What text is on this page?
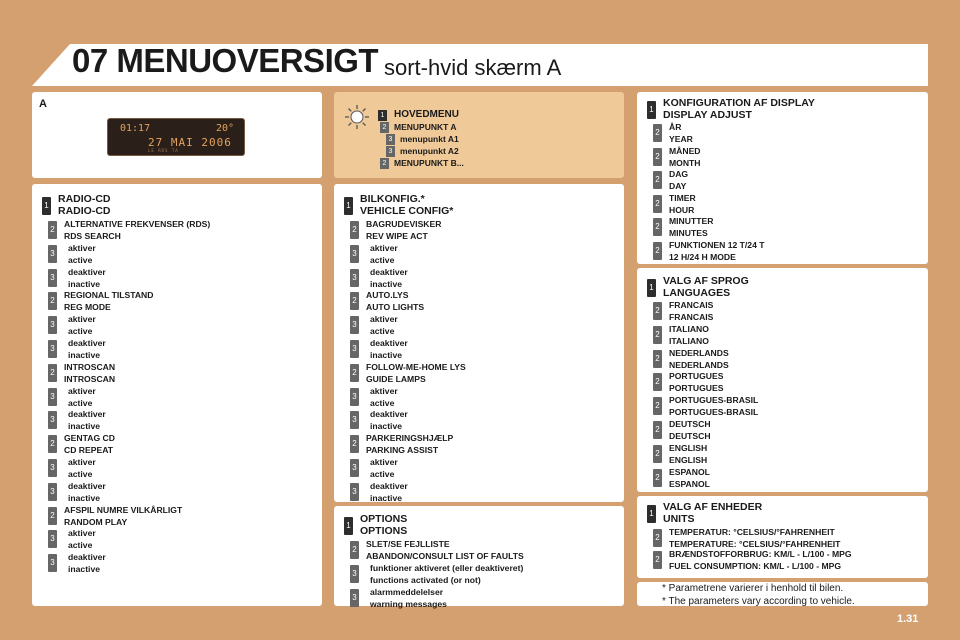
07 MENUOVERSIGT sort-hvid skærm A
A
01:17	20°
27 MAI 2006
LE RDS TA
1 HOVEDMENU
2 MENUPUNKT A
3 menupunkt A1
3 menupunkt A2
2 MENUPUNKT B...
1
RADIO-CD
RADIO-CD
2
ALTERNATIVE FREKVENSER (RDS)
RDS SEARCH
3
aktiver
active
3
deaktiver
inactive
2
REGIONAL TILSTAND
REG MODE
3
aktiver
active
3
deaktiver
inactive
2
INTROSCAN
INTROSCAN
3
aktiver
active
3
deaktiver
inactive
2
GENTAG CD
CD REPEAT
3
aktiver
active
3
deaktiver
inactive
2
AFSPIL NUMRE VILKÅRLIGT
RANDOM PLAY
3
aktiver
active
3
deaktiver
inactive
1
BILKONFIG.*
VEHICLE CONFIG*
2
BAGRUDEVISKER
REV WIPE ACT
3
aktiver
active
3
deaktiver
inactive
2
AUTO.LYS
AUTO LIGHTS
3
aktiver
active
3
deaktiver
inactive
2
FOLLOW-ME-HOME LYS
GUIDE LAMPS
3
aktiver
active
3
deaktiver
inactive
2
PARKERINGSHJÆLP
PARKING ASSIST
3
aktiver
active
3
deaktiver
inactive
1
OPTIONS
OPTIONS
2
SLET/SE FEJLLISTE
ABANDON/CONSULT LIST OF FAULTS
3
funktioner aktiveret (eller deaktiveret)
functions activated (or not)
3
alarmmeddelelser
warning messages
1
KONFIGURATION AF DISPLAY
DISPLAY ADJUST
2
ÅR
YEAR
2
MÅNED
MONTH
2
DAG
DAY
2
TIMER
HOUR
2
MINUTTER
MINUTES
2
FUNKTIONEN 12 T/24 T
12 H/24 H MODE
1
VALG AF SPROG
LANGUAGES
2
FRANCAIS
FRANCAIS
2
ITALIANO
ITALIANO
2
NEDERLANDS
NEDERLANDS
2
PORTUGUES
PORTUGUES
2
PORTUGUES-BRASIL
PORTUGUES-BRASIL
2
DEUTSCH
DEUTSCH
2
ENGLISH
ENGLISH
2
ESPANOL
ESPANOL
1
VALG AF ENHEDER
UNITS
2
TEMPERATUR: °CELSIUS/°FAHRENHEIT
TEMPERATURE: °CELSIUS/°FAHRENHEIT
2
BRÆNDSTOFFORBRUG: KM/L - L/100 - MPG
FUEL CONSUMPTION: KM/L - L/100 - MPG
* Parametrene varierer i henhold til bilen.
* The parameters vary according to vehicle.
1.31
